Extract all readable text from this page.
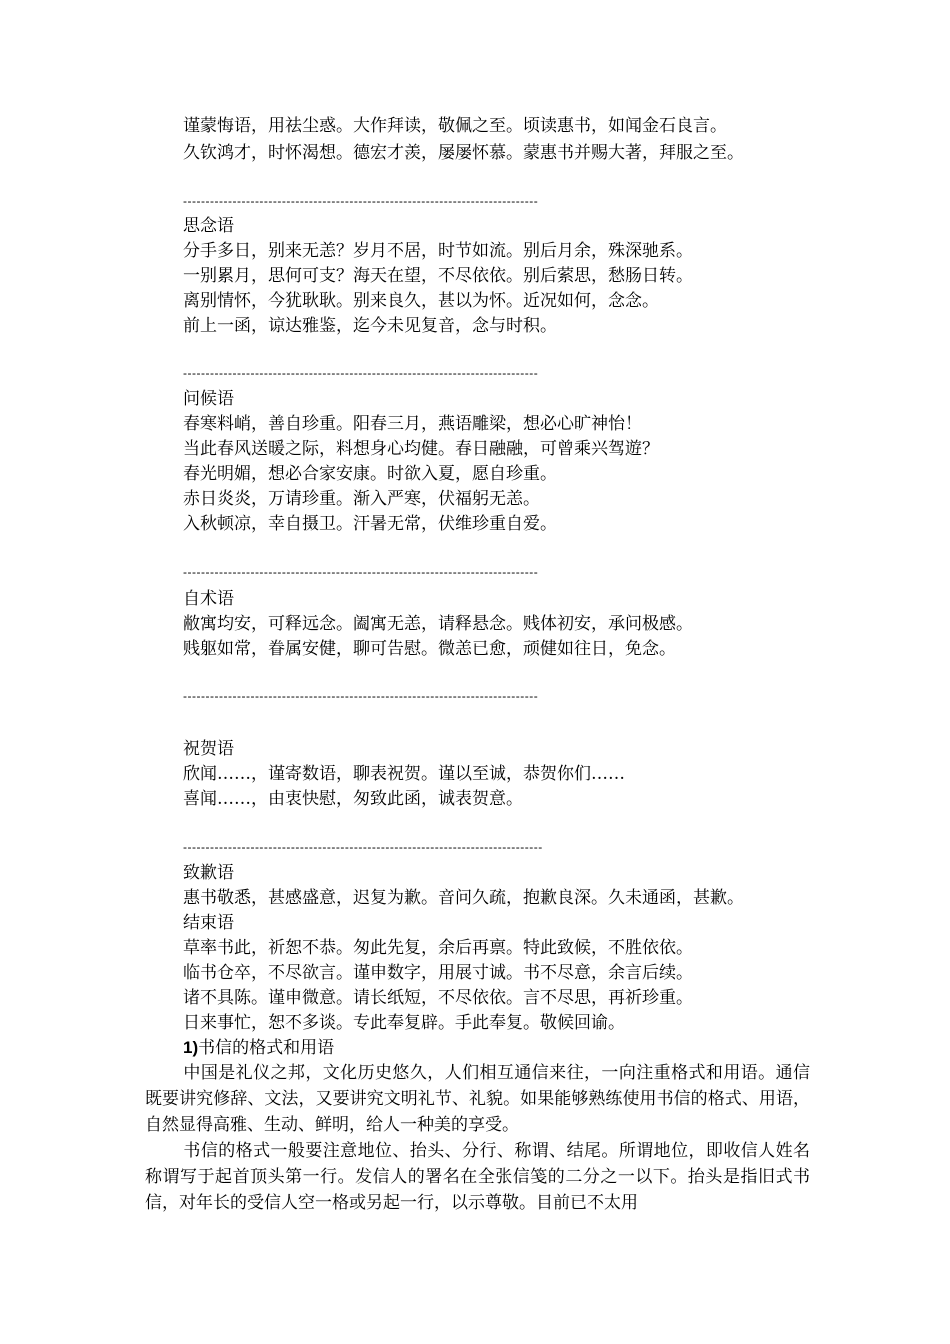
谨蒙悔语，用祛尘惑。大作拜读，敬佩之至。顷读惠书，如闻金石良言。
久钦鸿才，时怀渴想。德宏才羡，屡屡怀慕。蒙惠书并赐大著，拜服之至。
-------------------------------------------------------------------------------
思念语
分手多日，别来无恙？岁月不居，时节如流。别后月余，殊深驰系。
一别累月，思何可支？海天在望，不尽依依。别后萦思，愁肠日转。
离别情怀，今犹耿耿。别来良久，甚以为怀。近况如何，念念。
前上一函，谅达雅鉴，迄今未见复音，念与时积。
-------------------------------------------------------------------------------
问候语
春寒料峭，善自珍重。阳春三月，燕语雕梁，想必心旷神怡！
当此春风送暖之际，料想身心均健。春日融融，可曾乘兴驾遊？
春光明媚，想必合家安康。时欲入夏，愿自珍重。
赤日炎炎，万请珍重。渐入严寒，伏福躬无恙。
入秋顿凉，幸自摄卫。汗暑无常，伏维珍重自爱。
-------------------------------------------------------------------------------
自术语
敝寓均安，可释远念。阖寓无恙，请释悬念。贱体初安，承问极感。
贱躯如常，眷属安健，聊可告慰。微恙已愈，顽健如往日，免念。
-------------------------------------------------------------------------------
祝贺语
欣闻……，谨寄数语，聊表祝贺。谨以至诚，恭贺你们……
喜闻……，由衷快慰，匆致此函，诚表贺意。
--------------------------------------------------------------------------------
致歉语
惠书敬悉，甚感盛意，迟复为歉。音问久疏，抱歉良深。久未通函，甚歉。
结束语
草率书此，祈恕不恭。匆此先复，余后再禀。特此致候，不胜依依。
临书仓卒，不尽欲言。谨申数字，用展寸诚。书不尽意，余言后续。
诸不具陈。谨申微意。请长纸短，不尽依依。言不尽思，再祈珍重。
日来事忙，恕不多谈。专此奉复辟。手此奉复。敬候回谕。
1)书信的格式和用语
中国是礼仪之邦，文化历史悠久，人们相互通信来往，一向注重格式和用语。通信既要讲究修辞、文法，又要讲究文明礼节、礼貌。如果能够熟练使用书信的格式、用语，自然显得高雅、生动、鲜明，给人一种美的享受。
书信的格式一般要注意地位、抬头、分行、称谓、结尾。所谓地位，即收信人姓名称谓写于起首顶头第一行。发信人的署名在全张信笺的二分之一以下。抬头是指旧式书信，对年长的受信人空一格或另起一行，以示尊敬。目前已不太用
